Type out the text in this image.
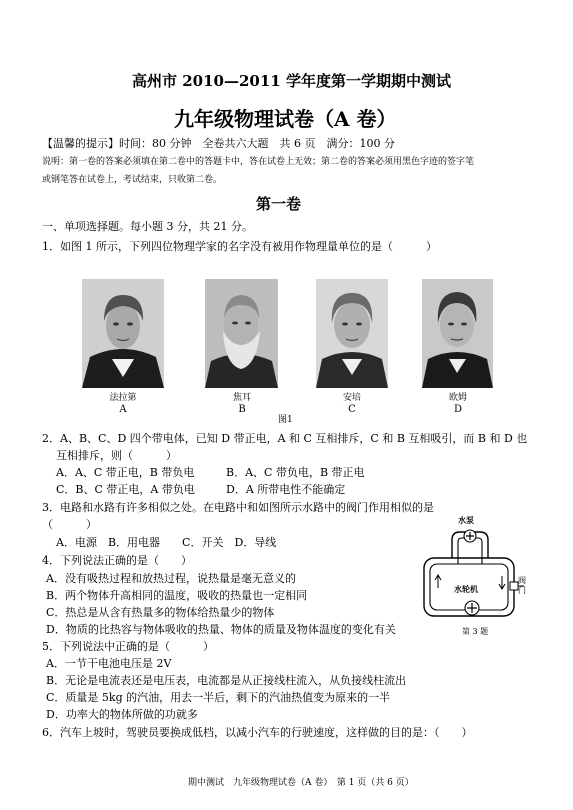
高州市 2010—2011 学年度第一学期期中测试
九年级物理试卷（A 卷）
【温馨的提示】时间：80 分钟　全卷共六大题　共 6 页　满分：100 分
说明：第一卷的答案必须填在第二卷中的答题卡中，答在试卷上无效；第二卷的答案必须用黑色字迹的签字笔
或钢笔答在试卷上，考试结束，只收第二卷。
第一卷
一、单项选择题。每小题 3 分，共 21 分。
1．如图 1 所示，下列四位物理学家的名字没有被用作物理量单位的是（　　　）
法拉第	焦耳	安培	欧姆
A	B	C	D
图1
2．A、B、C、D 四个带电体，已知 D 带正电，A 和 C 互相排斥，C 和 B 互相吸引，而 B 和 D 也
互相排斥，则（　　　）
A．A、C 带正电，B 带负电	B．A、C 带负电，B 带正电
C．B、C 带正电，A 带负电	D．A 所带电性不能确定
3．电路和水路有许多相似之处。在电路中和如图所示水路中的阀门作用相似的是
（　　　）
A．电源　B．用电器　　C．开关　D．导线
水泵
水轮机
阀门
第 3 题
4．下列说法正确的是（　　）
A．没有吸热过程和放热过程，说热量是毫无意义的
B．两个物体升高相同的温度，吸收的热量也一定相同
C．热总是从含有热量多的物体给热量少的物体
D．物质的比热容与物体吸收的热量、物体的质量及物体温度的变化有关
5．下列说法中正确的是（　　　）
A．一节干电池电压是 2V
B．无论是电流表还是电压表，电流都是从正接线柱流入，从负接线柱流出
C．质量是 5kg 的汽油，用去一半后，剩下的汽油热值变为原来的一半
D．功率大的物体所做的功就多
6．汽车上坡时，驾驶员要换成低档，以减小汽车的行驶速度，这样做的目的是：（　　）
期中测试　九年级物理试卷（A 卷）　第 1 页（共 6 页）
